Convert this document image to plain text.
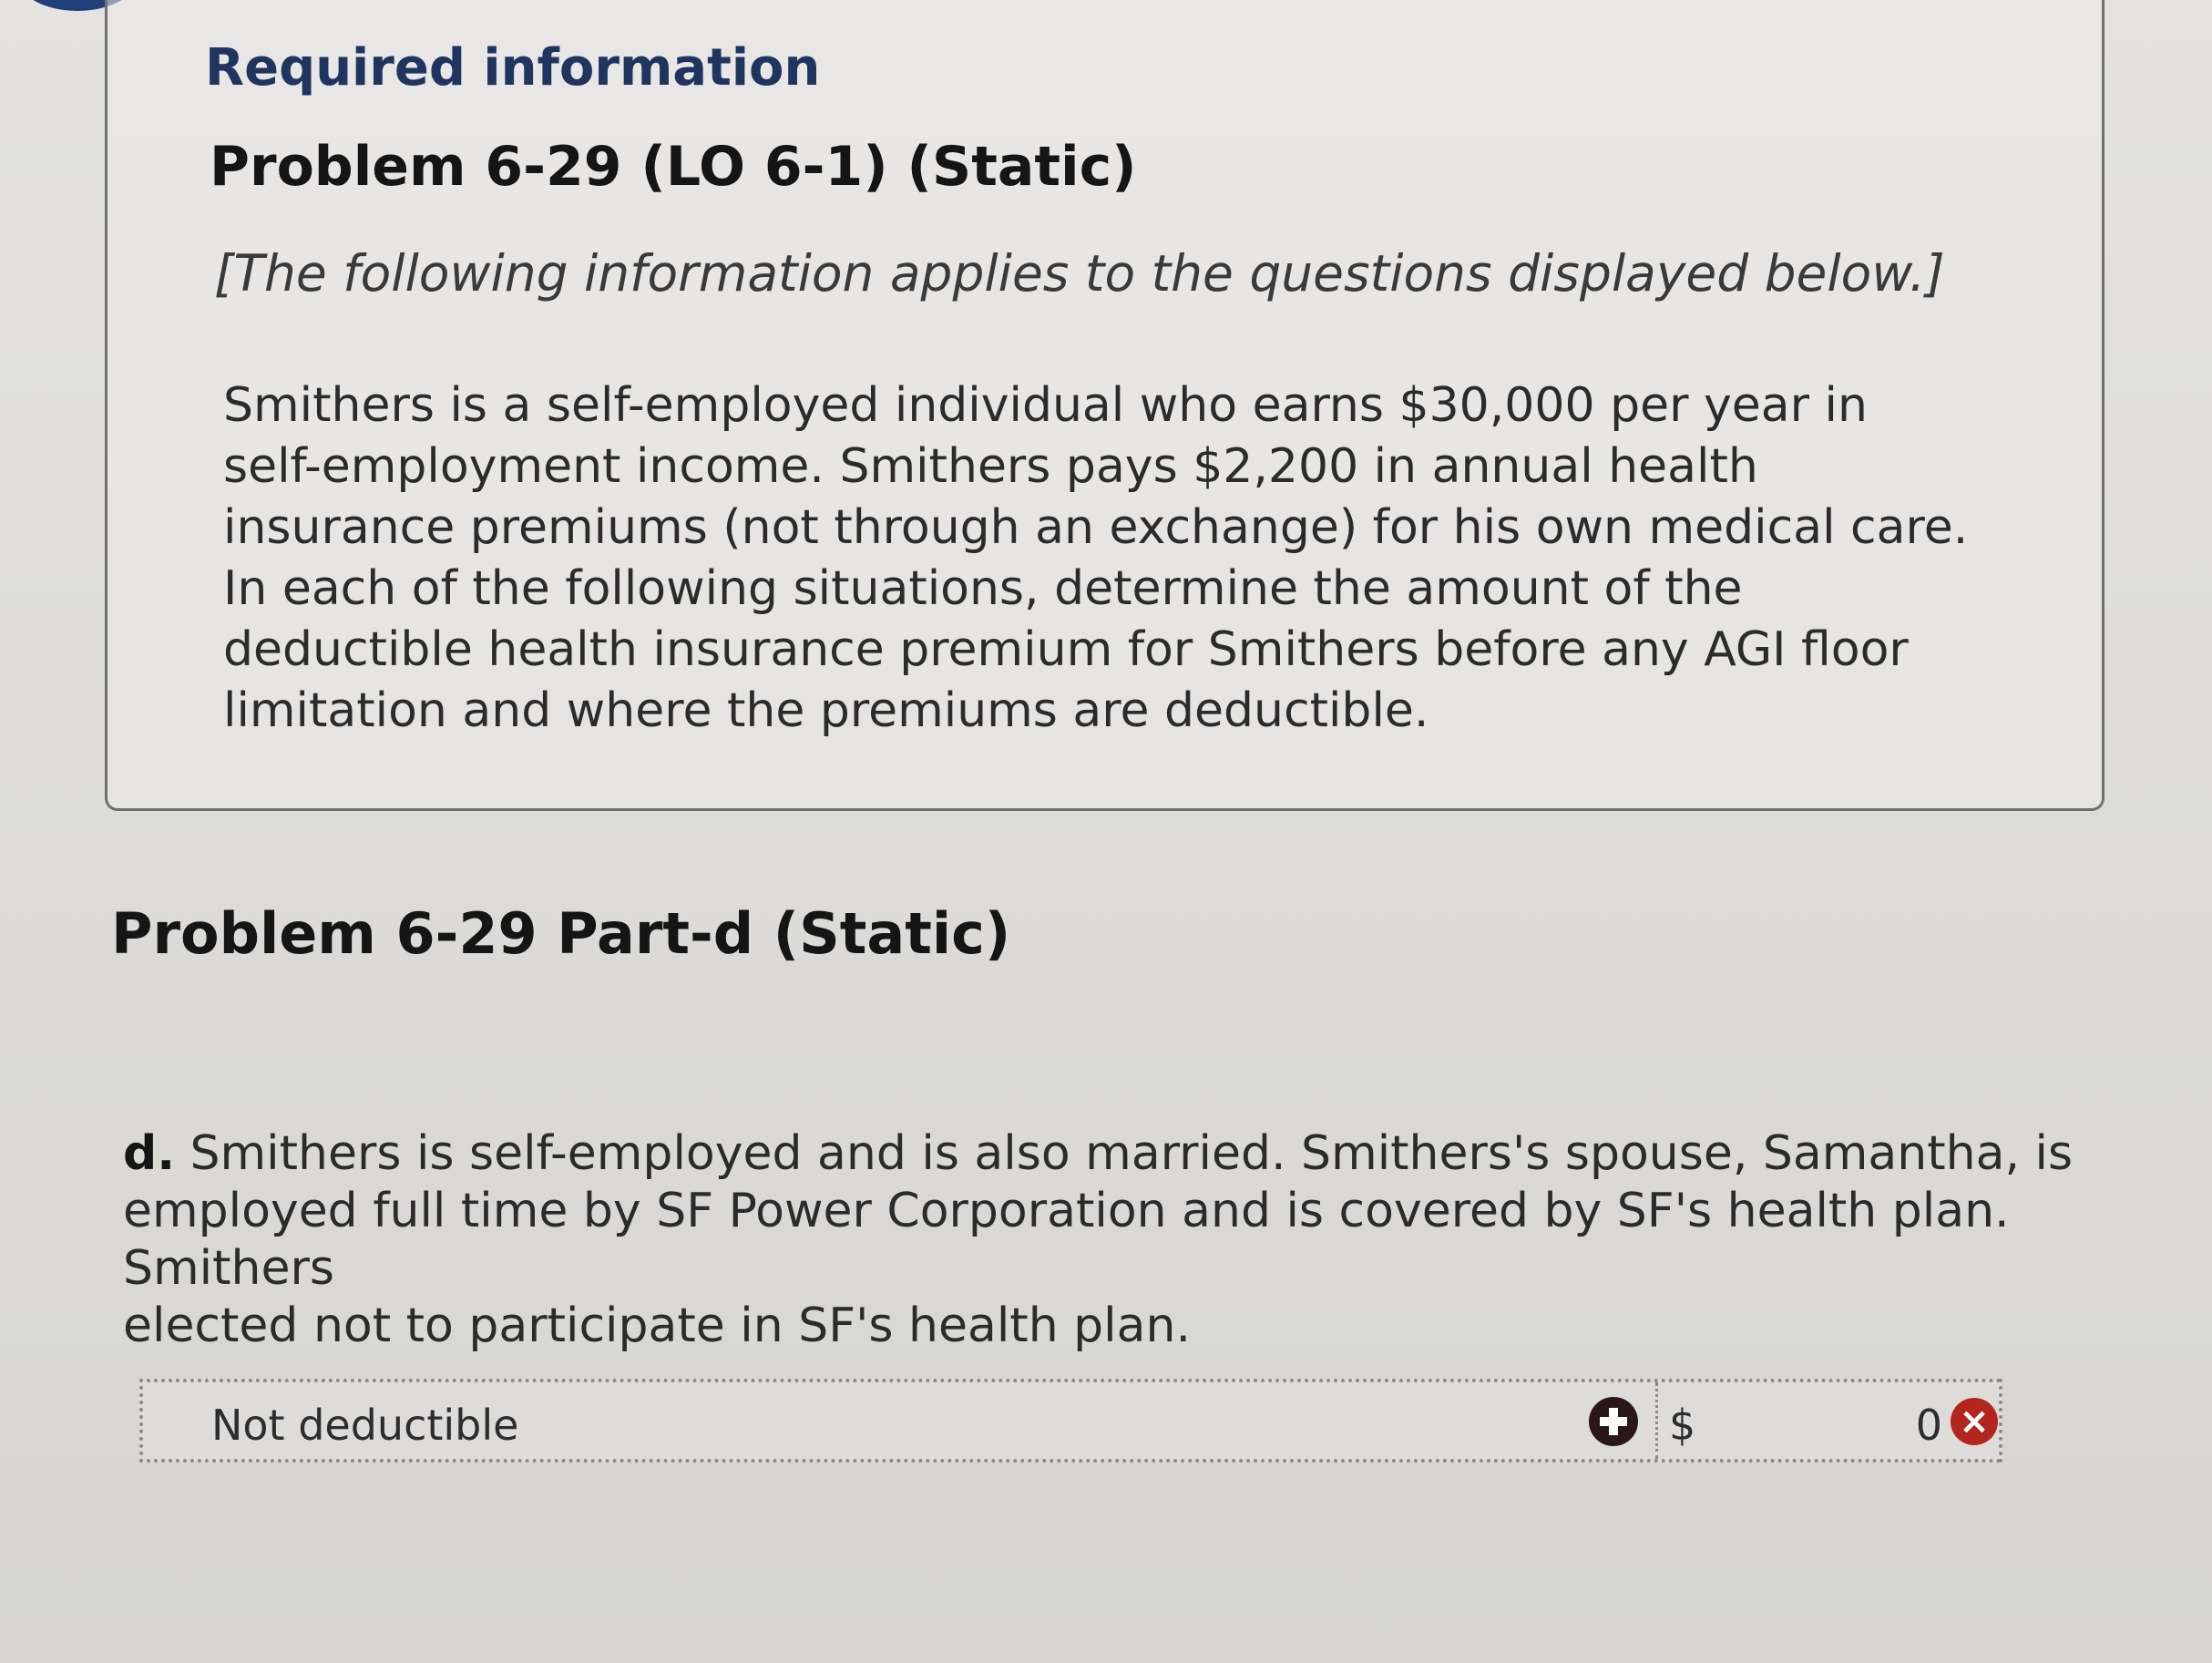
Required information
Problem 6-29 (LO 6-1) (Static)
[The following information applies to the questions displayed below.]
Smithers is a self-employed individual who earns $30,000 per year in
self-employment income. Smithers pays $2,200 in annual health
insurance premiums (not through an exchange) for his own medical care.
In each of the following situations, determine the amount of the
deductible health insurance premium for Smithers before any AGI floor
limitation and where the premiums are deductible.
Problem 6-29 Part-d (Static)
d. Smithers is self-employed and is also married. Smithers's spouse, Samantha, is
employed full time by SF Power Corporation and is covered by SF's health plan. Smithers
elected not to participate in SF's health plan.
Not deductible	$	0 ×
